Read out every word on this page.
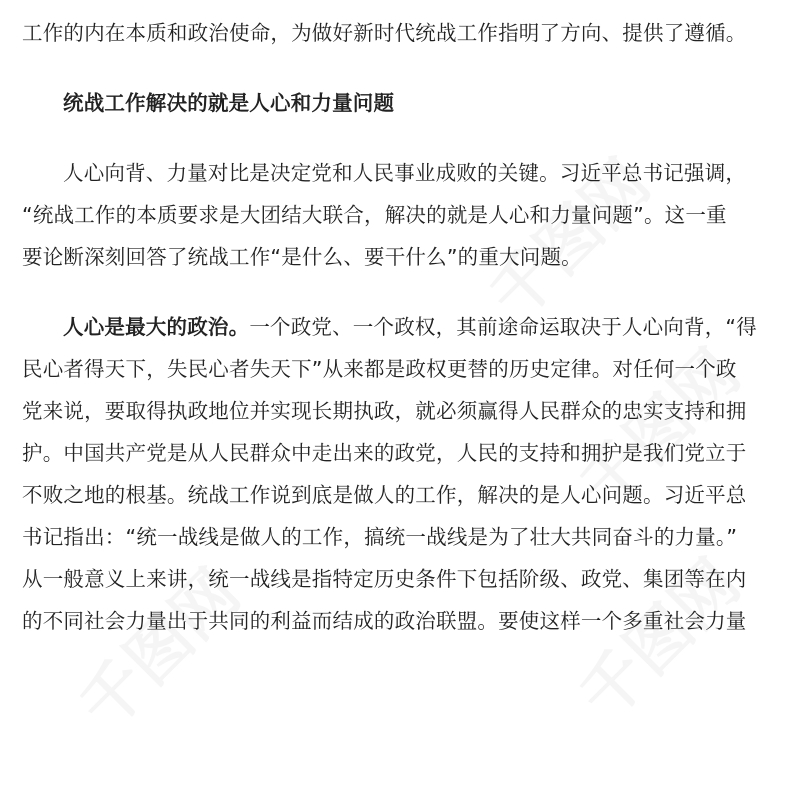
千图网
千图网
千图网
千图网
工作的内在本质和政治使命，为做好新时代统战工作指明了方向、提供了遵循。
统战工作解决的就是人心和力量问题
人心向背、力量对比是决定党和人民事业成败的关键。习近平总书记强调，
“统战工作的本质要求是大团结大联合，解决的就是人心和力量问题”。这一重
要论断深刻回答了统战工作“是什么、要干什么”的重大问题。
人心是最大的政治。一个政党、一个政权，其前途命运取决于人心向背，“得
民心者得天下，失民心者失天下”从来都是政权更替的历史定律。对任何一个政
党来说，要取得执政地位并实现长期执政，就必须赢得人民群众的忠实支持和拥
护。中国共产党是从人民群众中走出来的政党，人民的支持和拥护是我们党立于
不败之地的根基。统战工作说到底是做人的工作，解决的是人心问题。习近平总
书记指出：“统一战线是做人的工作，搞统一战线是为了壮大共同奋斗的力量。”
从一般意义上来讲，统一战线是指特定历史条件下包括阶级、政党、集团等在内
的不同社会力量出于共同的利益而结成的政治联盟。要使这样一个多重社会力量
